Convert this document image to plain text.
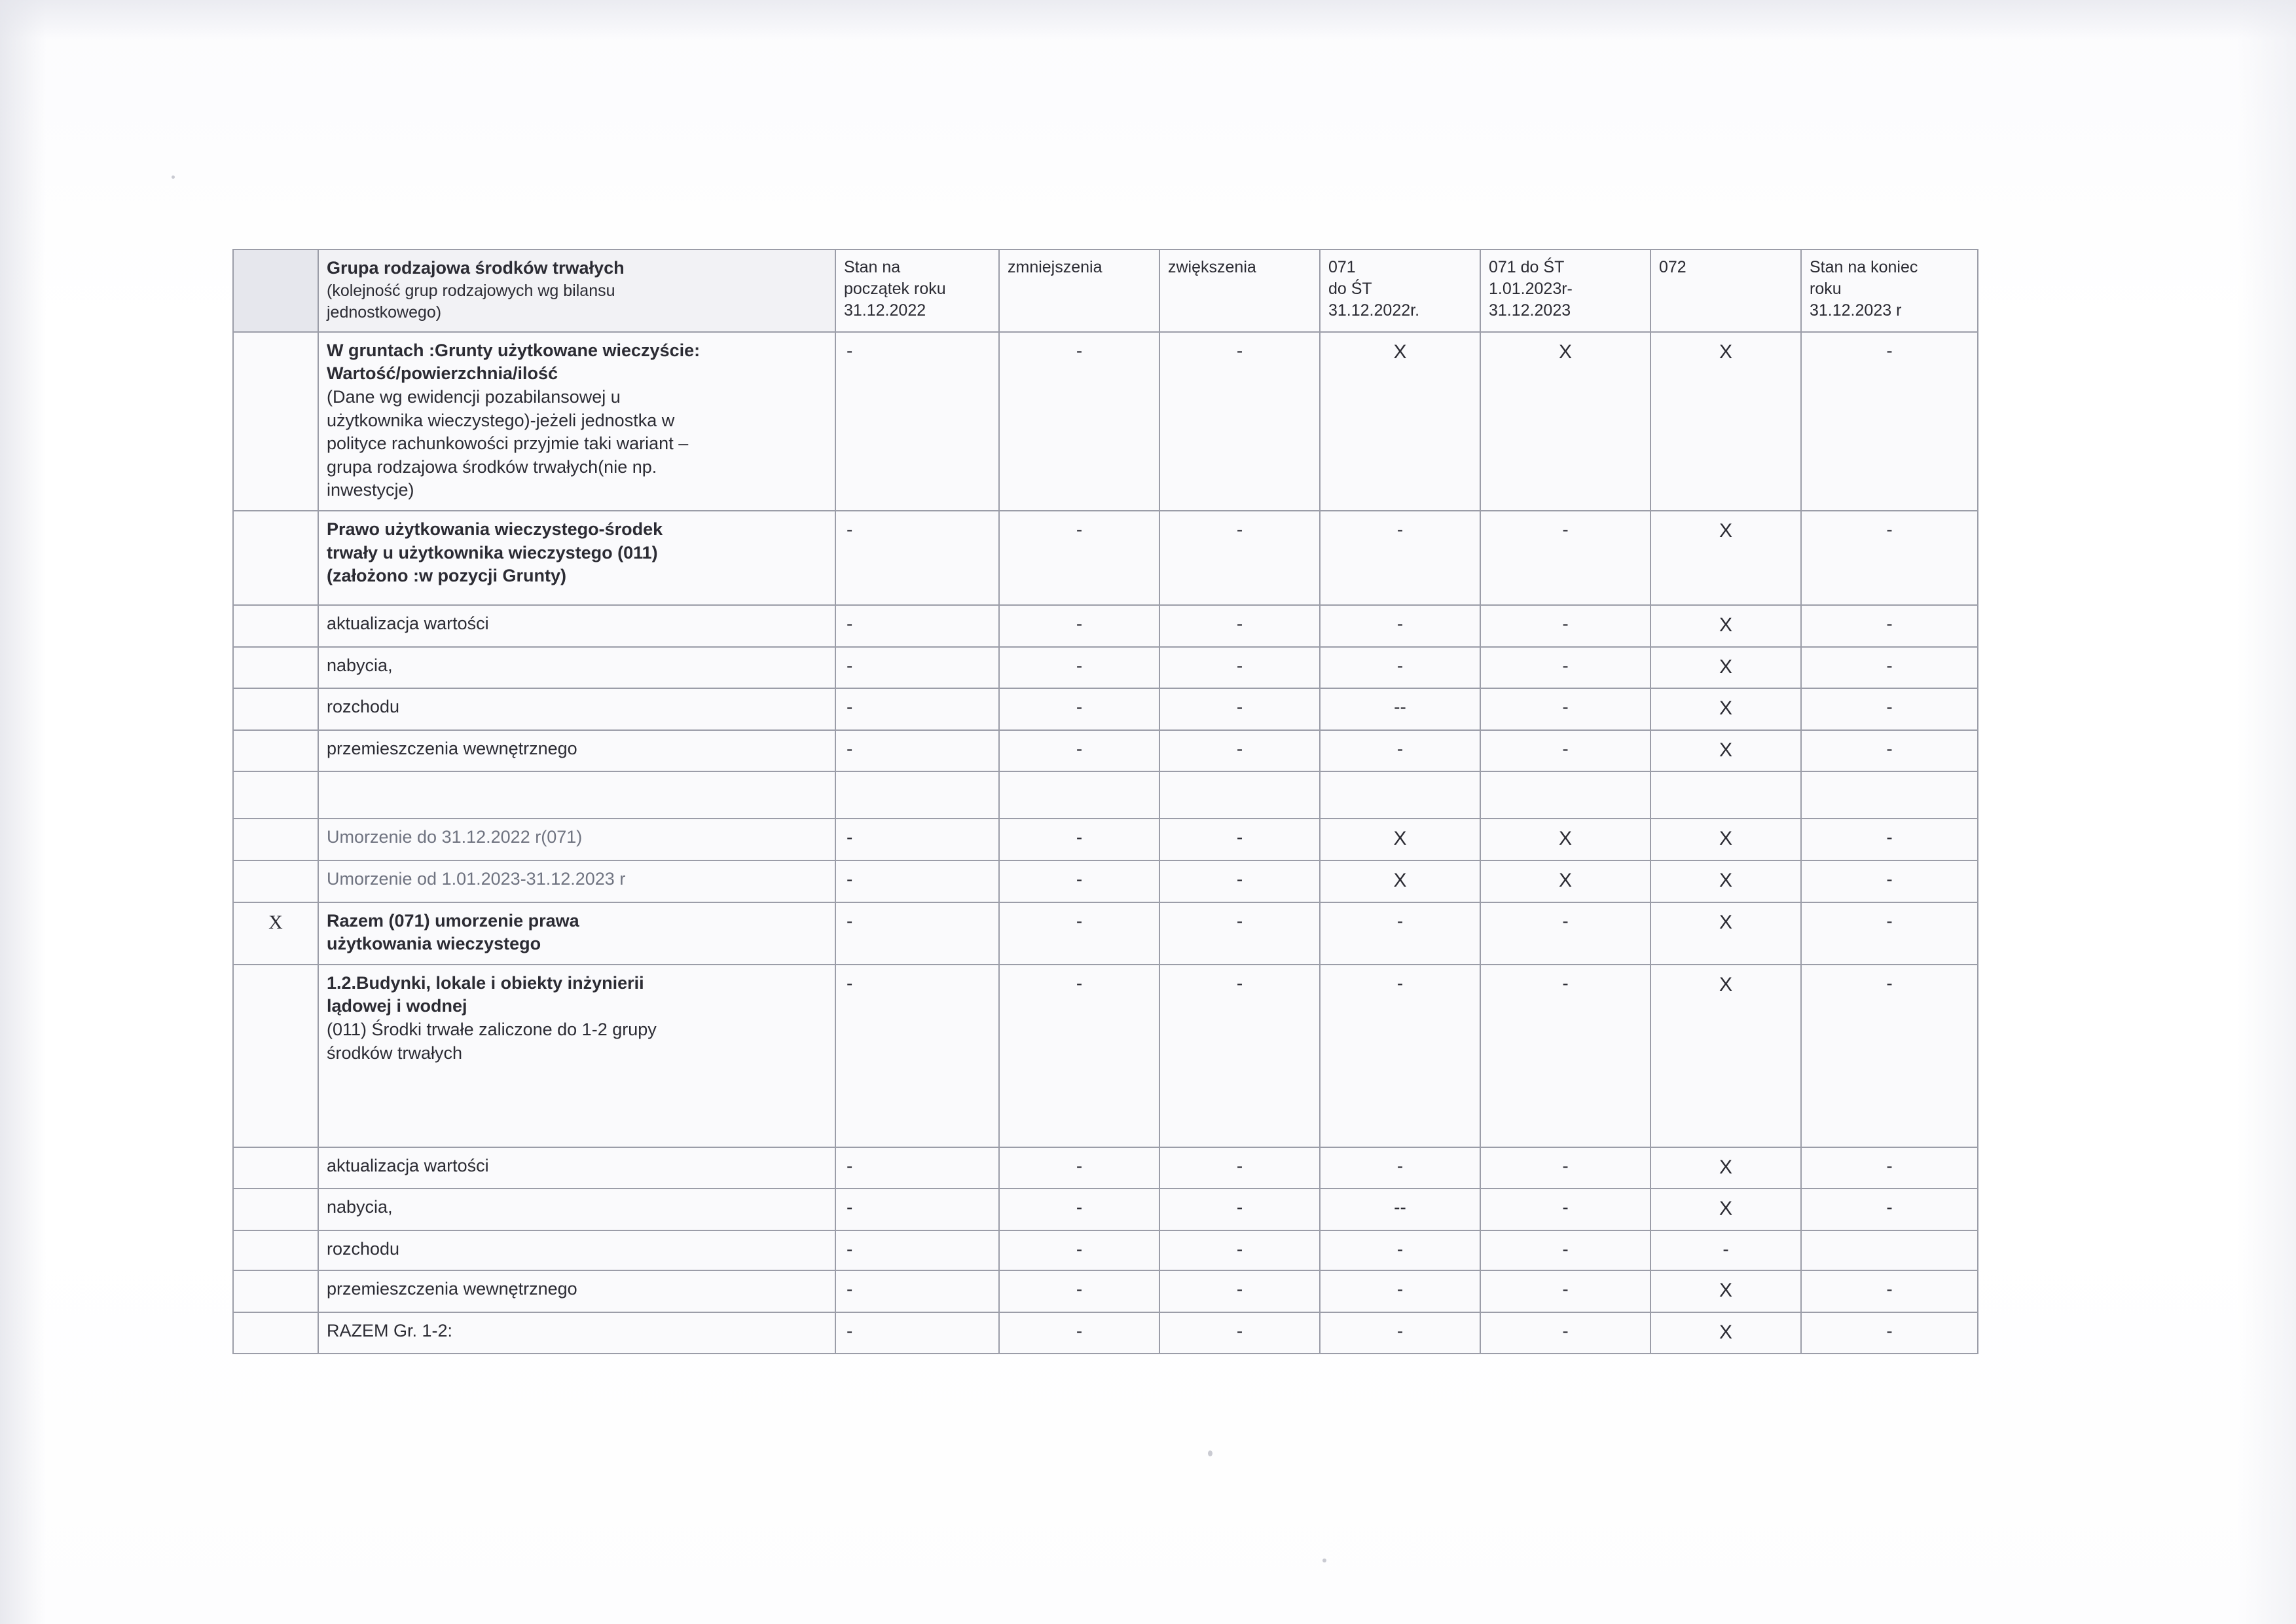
	Grupa rodzajowa środków trwałych
(kolejność grup rodzajowych wg bilansu
jednostkowego)	Stan na
początek roku
31.12.2022	zmniejszenia	zwiększenia	071
do ŚT
31.12.2022r.	071 do ŚT
1.01.2023r-
31.12.2023	072	Stan na koniec
roku
31.12.2023 r

W gruntach :Grunty użytkowane wieczyście:
Wartość/powierzchnia/ilość
(Dane wg ewidencji pozabilansowej u
użytkownika wieczystego)-jeżeli jednostka w
polityce rachunkowości przyjmie taki wariant –
grupa rodzajowa środków trwałych(nie np.
inwestycje)
	-	-	-	X	X	X	-

	Prawo użytkowania wieczystego-środek
trwały u użytkownika wieczystego (011)
(założono :w pozycji Grunty)	-	-	-	-	-	X	-

	aktualizacja wartości	-	-	-	-	-	X	-

	nabycia,	-	-	-	-	-	X	-

	rozchodu	-	-	-	--	-	X	-

	przemieszczenia wewnętrznego	-	-	-	-	-	X	-

	Umorzenie do 31.12.2022 r(071)	-	-	-	X	X	X	-

	Umorzenie od 1.01.2023-31.12.2023 r	-	-	-	X	X	X	-
X	Razem (071) umorzenie prawa
użytkowania wieczystego	-	-	-	-	-	X	-

	1.2.Budynki, lokale i obiekty inżynierii
lądowej i wodnej
(011) Środki trwałe zaliczone do 1-2 grupy
środków trwałych	-	-	-	-	-	X	-

	aktualizacja wartości	-	-	-	-	-	X	-

	nabycia,	-	-	-	--	-	X	-

	rozchodu	-	-	-	-	-	-	

	przemieszczenia wewnętrznego	-	-	-	-	-	X	-

	RAZEM Gr. 1-2:	-	-	-	-	-	X	-
